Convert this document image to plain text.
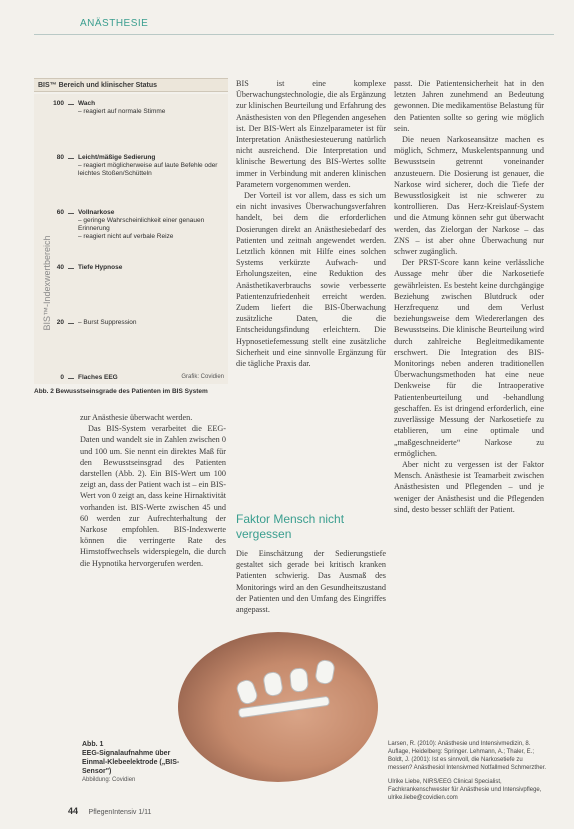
ANÄSTHESIE
BIS™ Bereich und klinischer Status
BIS™-Indexwertbereich
100 Wach
– reagiert auf normale Stimme
80 Leicht/mäßige Sedierung
– reagiert möglicherweise auf laute Befehle oder leichtes Stoßen/Schütteln
60 Vollnarkose
– geringe Wahrscheinlichkeit einer genauen Erinnerung
– reagiert nicht auf verbale Reize
40 Tiefe Hypnose
20 – Burst Suppression
0 Flaches EEG	Grafik: Covidien
Abb. 2 Bewusstseinsgrade des Patienten im BIS System

zur Anästhesie überwacht werden.

Das BIS-System verarbeitet die EEG-Daten und wandelt sie in Zahlen zwischen 0 und 100 um. Sie nennt ein direktes Maß für den Bewusstseinsgrad des Patienten darstellen (Abb. 2). Ein BIS-Wert um 100 zeigt an, dass der Patient wach ist – ein BIS-Wert von 0 zeigt an, dass keine Hirnaktivität vorhanden ist. BIS-Werte zwischen 45 und 60 werden zur Aufrechterhaltung der Narkose empfohlen. BIS-Indexwerte können die verringerte Rate des Hirnstoffwechsels widerspiegeln, die durch die Hypnotika hervorgerufen werden.

BIS ist eine komplexe Überwachungstechnologie, die als Ergänzung zur klinischen Beurteilung und Erfahrung des Anästhesisten von den Pflegenden angesehen ist. Der BIS-Wert als Einzelparameter ist für Interpretation Anästhesiesteuerung natürlich nicht ausreichend. Die Interpretation und klinische Bewertung des BIS-Wertes sollte immer in Verbindung mit anderen klinischen Parametern vorgenommen werden.

Der Vorteil ist vor allem, dass es sich um ein nicht invasives Überwachungsverfahren handelt, bei dem die erforderlichen Dosierungen direkt an Anästhesiebedarf des Patienten und zeitnah angewendet werden. Letztlich können mit Hilfe eines solchen Systems verkürzte Aufwach- und Erholungszeiten, eine Reduktion des Anästhetikaverbrauchs sowie verbesserte Patientenzufriedenheit erreicht werden. Zudem liefert die BIS-Überwachung zusätzliche Daten, die die Entscheidungsfindung erleichtern. Die Hypnosetiefemessung stellt eine zusätzliche Sicherheit und eine sinnvolle Ergänzung für die tägliche Praxis dar.

Faktor Mensch nicht vergessen

Die Einschätzung der Sedierungstiefe gestaltet sich gerade bei kritisch kranken Patienten schwierig. Das Ausmaß des Monitorings wird an den Gesundheitszustand der Patienten und den Umfang des Eingriffes angepasst.

passt. Die Patientensicherheit hat in den letzten Jahren zunehmend an Bedeutung gewonnen. Die medikamentöse Belastung für den Patienten sollte so gering wie möglich sein.

Die neuen Narkoseansätze machen es möglich, Schmerz, Muskelentspannung und Bewusstsein getrennt voneinander anzusteuern. Die Dosierung ist genauer, die Narkose wird sicherer, doch die Tiefe der Bewusstlosigkeit ist nie schwerer zu kontrollieren. Das Herz-Kreislauf-System und die Atmung können sehr gut überwacht werden, das Zielorgan der Narkose – das ZNS – ist aber ohne Überwachung nur schwer zugänglich.

Der PRST-Score kann keine verlässliche Aussage mehr über die Narkosetiefe gewährleisten. Es besteht keine durchgängige Beziehung zwischen Blutdruck oder Herzfrequenz und dem Verlust beziehungsweise dem Wiedererlangen des Bewusstseins. Die klinische Beurteilung wird durch zahlreiche Begleitmedikamente erschwert. Die Integration des BIS-Monitorings neben anderen traditionellen Überwachungsmethoden hat eine neue Denkweise für die Intraoperative Patientenbeurteilung und -behandlung geschaffen. Es ist dringend erforderlich, eine zuverlässige Messung der Narkosetiefe zu etablieren, um eine optimale und „maßgeschneiderte“ Narkose zu ermöglichen.

Aber nicht zu vergessen ist der Faktor Mensch. Anästhesie ist Teamarbeit zwischen Anästhesisten und Pflegenden – und je weniger der Anästhesist und die Pflegenden sind, desto besser schläft der Patient.

Abb. 1
EEG-Signalaufnahme über Einmal-Klebeelektrode („BIS-Sensor")
Abbildung: Covidien
Larsen, R. (2010): Anästhesie und Intensivmedizin, 8. Auflage, Heidelberg: Springer. Lehmann, A.; Thaler, E.; Boldt, J. (2001): Ist es sinnvoll, die Narkosetiefe zu messen? Anästhesiol Intensivmed Notfallmed Schmerzther.
Ulrike Liebe, NIRS/EEG Clinical Specialist, Fachkrankenschwester für Anästhesie und Intensivpflege, ulrike.liebe@covidien.com
44 PflegenIntensiv 1/11
